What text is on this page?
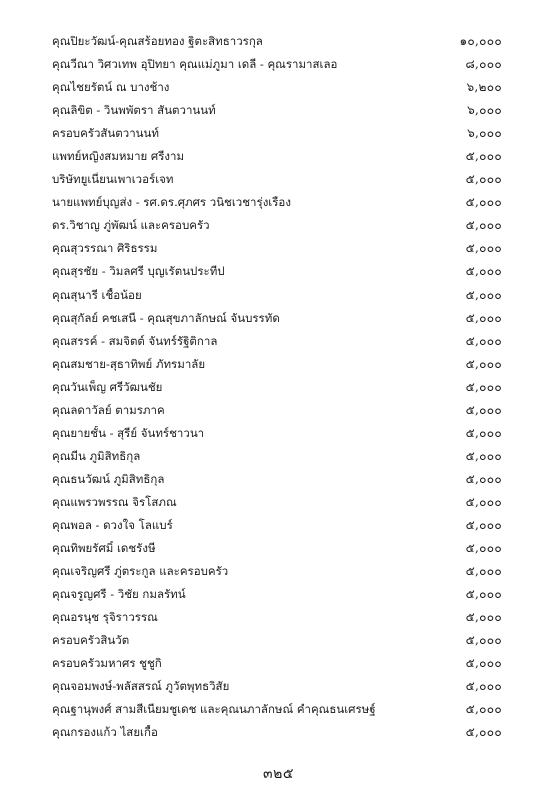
คุณปิยะวัฒน์-คุณสร้อยทอง ฐิตะสิทธาวรกุล	๑๐,๐๐๐
คุณวีณา วิศวเทพ อุปิทยา คุณแม่ภูมา เดลี - คุณรามาสเลอ	๘,๐๐๐
คุณไชยรัตน์ ณ บางช้าง	๖,๒๐๐
คุณลิขิต - วินพพัตรา สันตวานนท์	๖,๐๐๐
ครอบครัวสันตวานนท์	๖,๐๐๐
แพทย์หญิงสมหมาย ศรีงาม	๕,๐๐๐
บริษัทยูเนี่ยนเพาเวอร์เจท	๕,๐๐๐
นายแพทย์บุญส่ง - รศ.ดร.ศุภศร วนิชเวชารุ่งเรือง	๕,๐๐๐
ดร.วิชาญ ภู่พัฒน์ และครอบครัว	๕,๐๐๐
คุณสุวรรณา ศิริธรรม	๕,๐๐๐
คุณสุรชัย - วิมลศรี บุญเรัตนประทีป	๕,๐๐๐
คุณสุนารี เชื้อน้อย	๕,๐๐๐
คุณสุกัลย์ คชเสนี - คุณสุขภาลักษณ์ จันบรรทัด	๕,๐๐๐
คุณสรรค์ - สมจิตต์ จันทร์รัฐิติกาล	๕,๐๐๐
คุณสมชาย-สุธาทิพย์ ภัทรมาลัย	๕,๐๐๐
คุณวันเพ็ญ ศรีวัฒนชัย	๕,๐๐๐
คุณลดาวัลย์ ตามรภาค	๕,๐๐๐
คุณยายชั้น - สุรีย์ จันทร์ชาวนา	๕,๐๐๐
คุณมีน ภูมิสิทธิกุล	๕,๐๐๐
คุณธนวัฒน์ ภูมิสิทธิกุล	๕,๐๐๐
คุณแพรวพรรณ จิรโสภณ	๕,๐๐๐
คุณพอล - ดวงใจ โลแบร์	๕,๐๐๐
คุณทิพยรัศมิ์ เดชรังษี	๕,๐๐๐
คุณเจริญศรี ภู่ตระกูล และครอบครัว	๕,๐๐๐
คุณจรูญศรี - วิชัย กมลรัทน์	๕,๐๐๐
คุณอรนุช รุจิราวรรณ	๕,๐๐๐
ครอบครัวสินวัต	๕,๐๐๐
ครอบครัวมหาศร ชูชูกิ	๕,๐๐๐
คุณจอมพงษ์-พลัสสรณ์ ภูวัตพุทธวิสัย	๕,๐๐๐
คุณฐานุพงศ์ สามสีเนียมชูเดช และคุณนภาลักษณ์ คำคุณธนเศรษฐ์	๕,๐๐๐
คุณกรองแก้ว ไสยเกื้อ	๕,๐๐๐
๓๒๕
